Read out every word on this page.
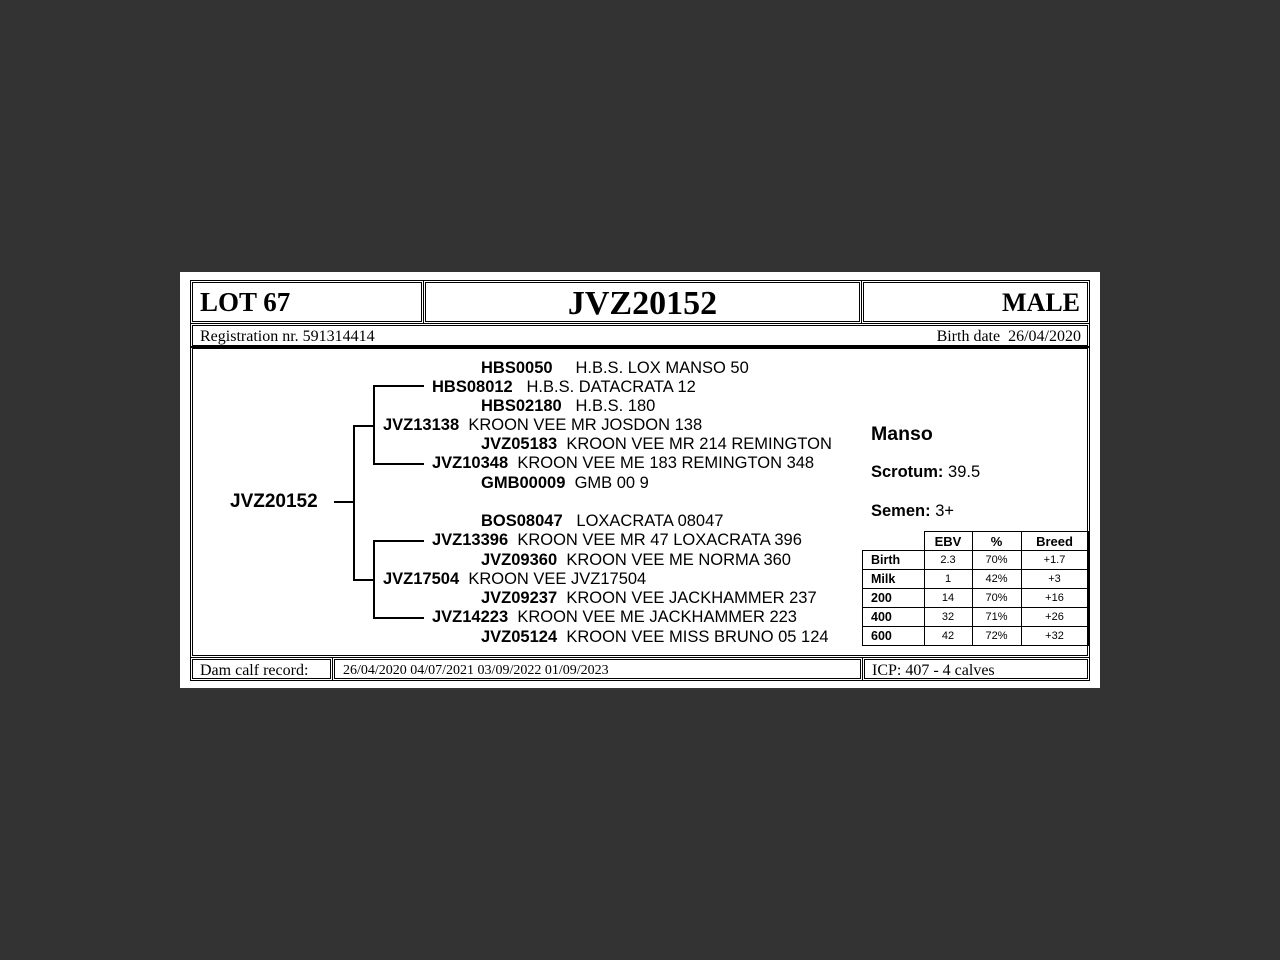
LOT 67	JVZ20152	MALE
Registration nr. 591314414	Birth date 26/04/2020
JVZ20152
HBS0050 H.B.S. LOX MANSO 50
HBS08012 H.B.S. DATACRATA 12
HBS02180 H.B.S. 180
JVZ13138 KROON VEE MR JOSDON 138
JVZ05183 KROON VEE MR 214 REMINGTON
JVZ10348 KROON VEE ME 183 REMINGTON 348
GMB00009 GMB 00 9
BOS08047 LOXACRATA 08047
JVZ13396 KROON VEE MR 47 LOXACRATA 396
JVZ09360 KROON VEE ME NORMA 360
JVZ17504 KROON VEE JVZ17504
JVZ09237 KROON VEE JACKHAMMER 237
JVZ14223 KROON VEE ME JACKHAMMER 223
JVZ05124 KROON VEE MISS BRUNO 05 124
Manso
Scrotum: 39.5
Semen: 3+
	EBV	%	Breed
Birth	2.3	70%	+1.7
Milk	1	42%	+3
200	14	70%	+16
400	32	71%	+26
600	42	72%	+32
Dam calf record: 26/04/2020 04/07/2021 03/09/2022 01/09/2023	ICP: 407 - 4 calves
